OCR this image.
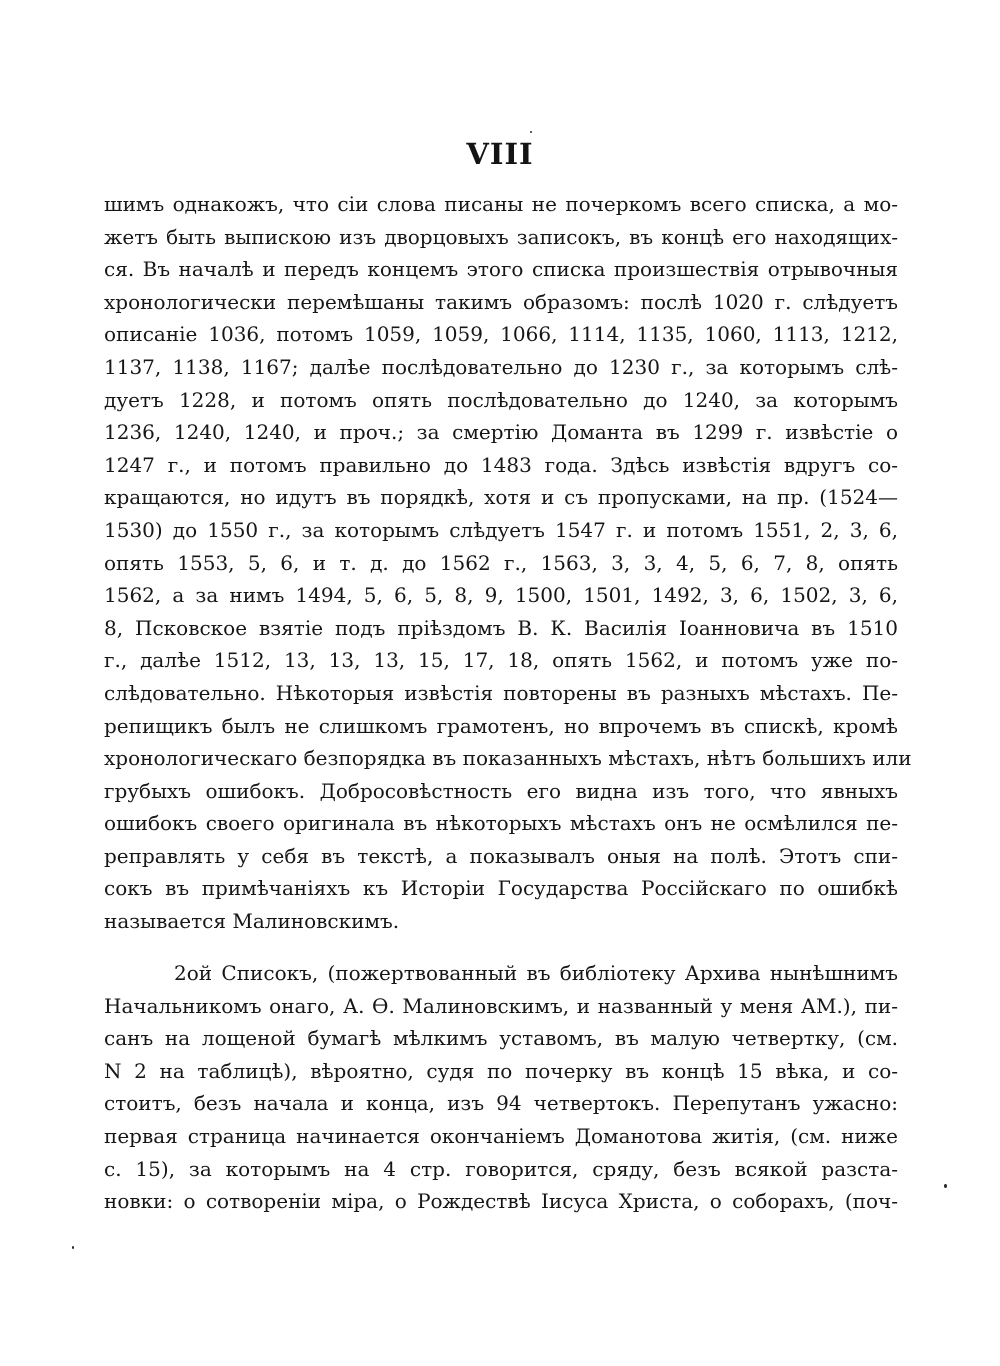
VIII
шимъ однакожъ, что сіи слова писаны не почеркомъ всего списка, а мо-
жетъ быть выпискою изъ дворцовыхъ записокъ, въ концѣ его находящих-
ся. Въ началѣ и передъ концемъ этого списка произшествія отрывочныя
хронологически перемѣшаны такимъ образомъ: послѣ 1020 г. слѣдуетъ
описаніе 1036, потомъ 1059, 1059, 1066, 1114, 1135, 1060, 1113, 1212,
1137, 1138, 1167; далѣе послѣдовательно до 1230 г., за которымъ слѣ-
дуетъ 1228, и потомъ опять послѣдовательно до 1240, за которымъ
1236, 1240, 1240, и проч.; за смертію Доманта въ 1299 г. извѣстіе о
1247 г., и потомъ правильно до 1483 года. Здѣсь извѣстія вдругъ со-
кращаются, но идутъ въ порядкѣ, хотя и съ пропусками, на пр. (1524—
1530) до 1550 г., за которымъ слѣдуетъ 1547 г. и потомъ 1551, 2, 3, 6,
опять 1553, 5, 6, и т. д. до 1562 г., 1563, 3, 3, 4, 5, 6, 7, 8, опять
1562, а за нимъ 1494, 5, 6, 5, 8, 9, 1500, 1501, 1492, 3, 6, 1502, 3, 6,
8, Псковское взятіе подъ пріѣздомъ В. К. Василія Іоанновича въ 1510
г., далѣе 1512, 13, 13, 13, 15, 17, 18, опять 1562, и потомъ уже по-
слѣдовательно. Нѣкоторыя извѣстія повторены въ разныхъ мѣстахъ. Пе-
репищикъ былъ не слишкомъ грамотенъ, но впрочемъ въ спискѣ, кромѣ
хронологическаго безпорядка въ показанныхъ мѣстахъ, нѣтъ большихъ или
грубыхъ ошибокъ. Добросовѣстность его видна изъ того, что явныхъ
ошибокъ своего оригинала въ нѣкоторыхъ мѣстахъ онъ не осмѣлился пе-
реправлять у себя въ текстѣ, а показывалъ оныя на полѣ. Этотъ спи-
сокъ въ примѣчаніяхъ къ Исторіи Государства Россійскаго по ошибкѣ
называется Малиновскимъ.
2ой Списокъ, (пожертвованный въ библіотеку Архива нынѣшнимъ
Начальникомъ онаго, А. Ѳ. Малиновскимъ, и названный у меня АМ.), пи-
санъ на лощеной бумагѣ мѣлкимъ уставомъ, въ малую четвертку, (см.
N 2 на таблицѣ), вѣроятно, судя по почерку въ концѣ 15 вѣка, и со-
стоитъ, безъ начала и конца, изъ 94 четвертокъ. Перепутанъ ужасно:
первая страница начинается окончаніемъ Доманотова житія, (см. ниже
с. 15), за которымъ на 4 стр. говорится, сряду, безъ всякой разста-
новки: о сотвореніи міра, о Рождествѣ Іисуса Христа, о соборахъ, (поч-
